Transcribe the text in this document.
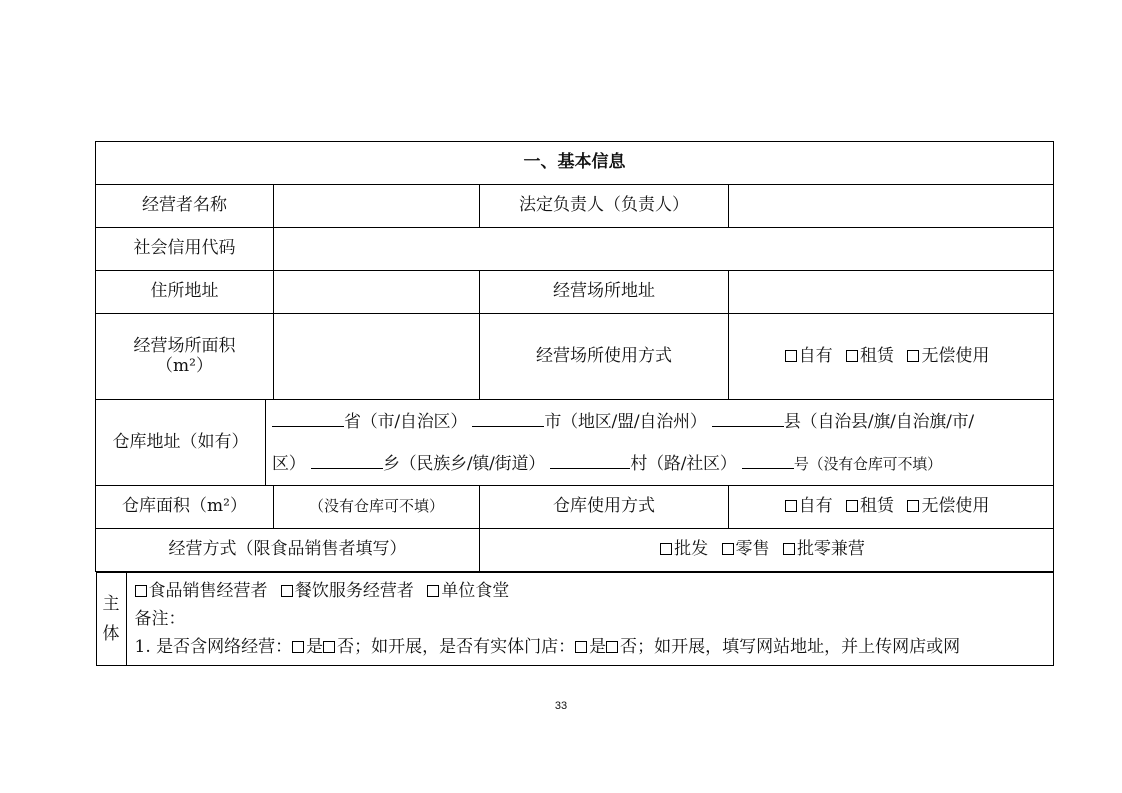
一、基本信息
经营者名称		法定负责人（负责人）	
社会信用代码	
住所地址		经营场所地址	

经营场所面积
（m²）		经营场所使用方式	自有 租赁 无偿使用
仓库地址（如有）	
省（市/自治区）	市（地区/盟/自治州）	县（自治县/旗/自治旗/市/
区）	乡（民族乡/镇/街道）	村（路/社区）	号（没有仓库可不填）

仓库面积（m²）	（没有仓库可不填）	仓库使用方式	自有 租赁 无偿使用
经营方式（限食品销售者填写）	批发 零售 批零兼营

主
体

食品销售经营者 餐饮服务经营者 单位食堂
备注：
1. 是否含网络经营： 是 否；如开展，是否有实体门店： 是 否；如开展，填写网站地址，并上传网店或网
33
